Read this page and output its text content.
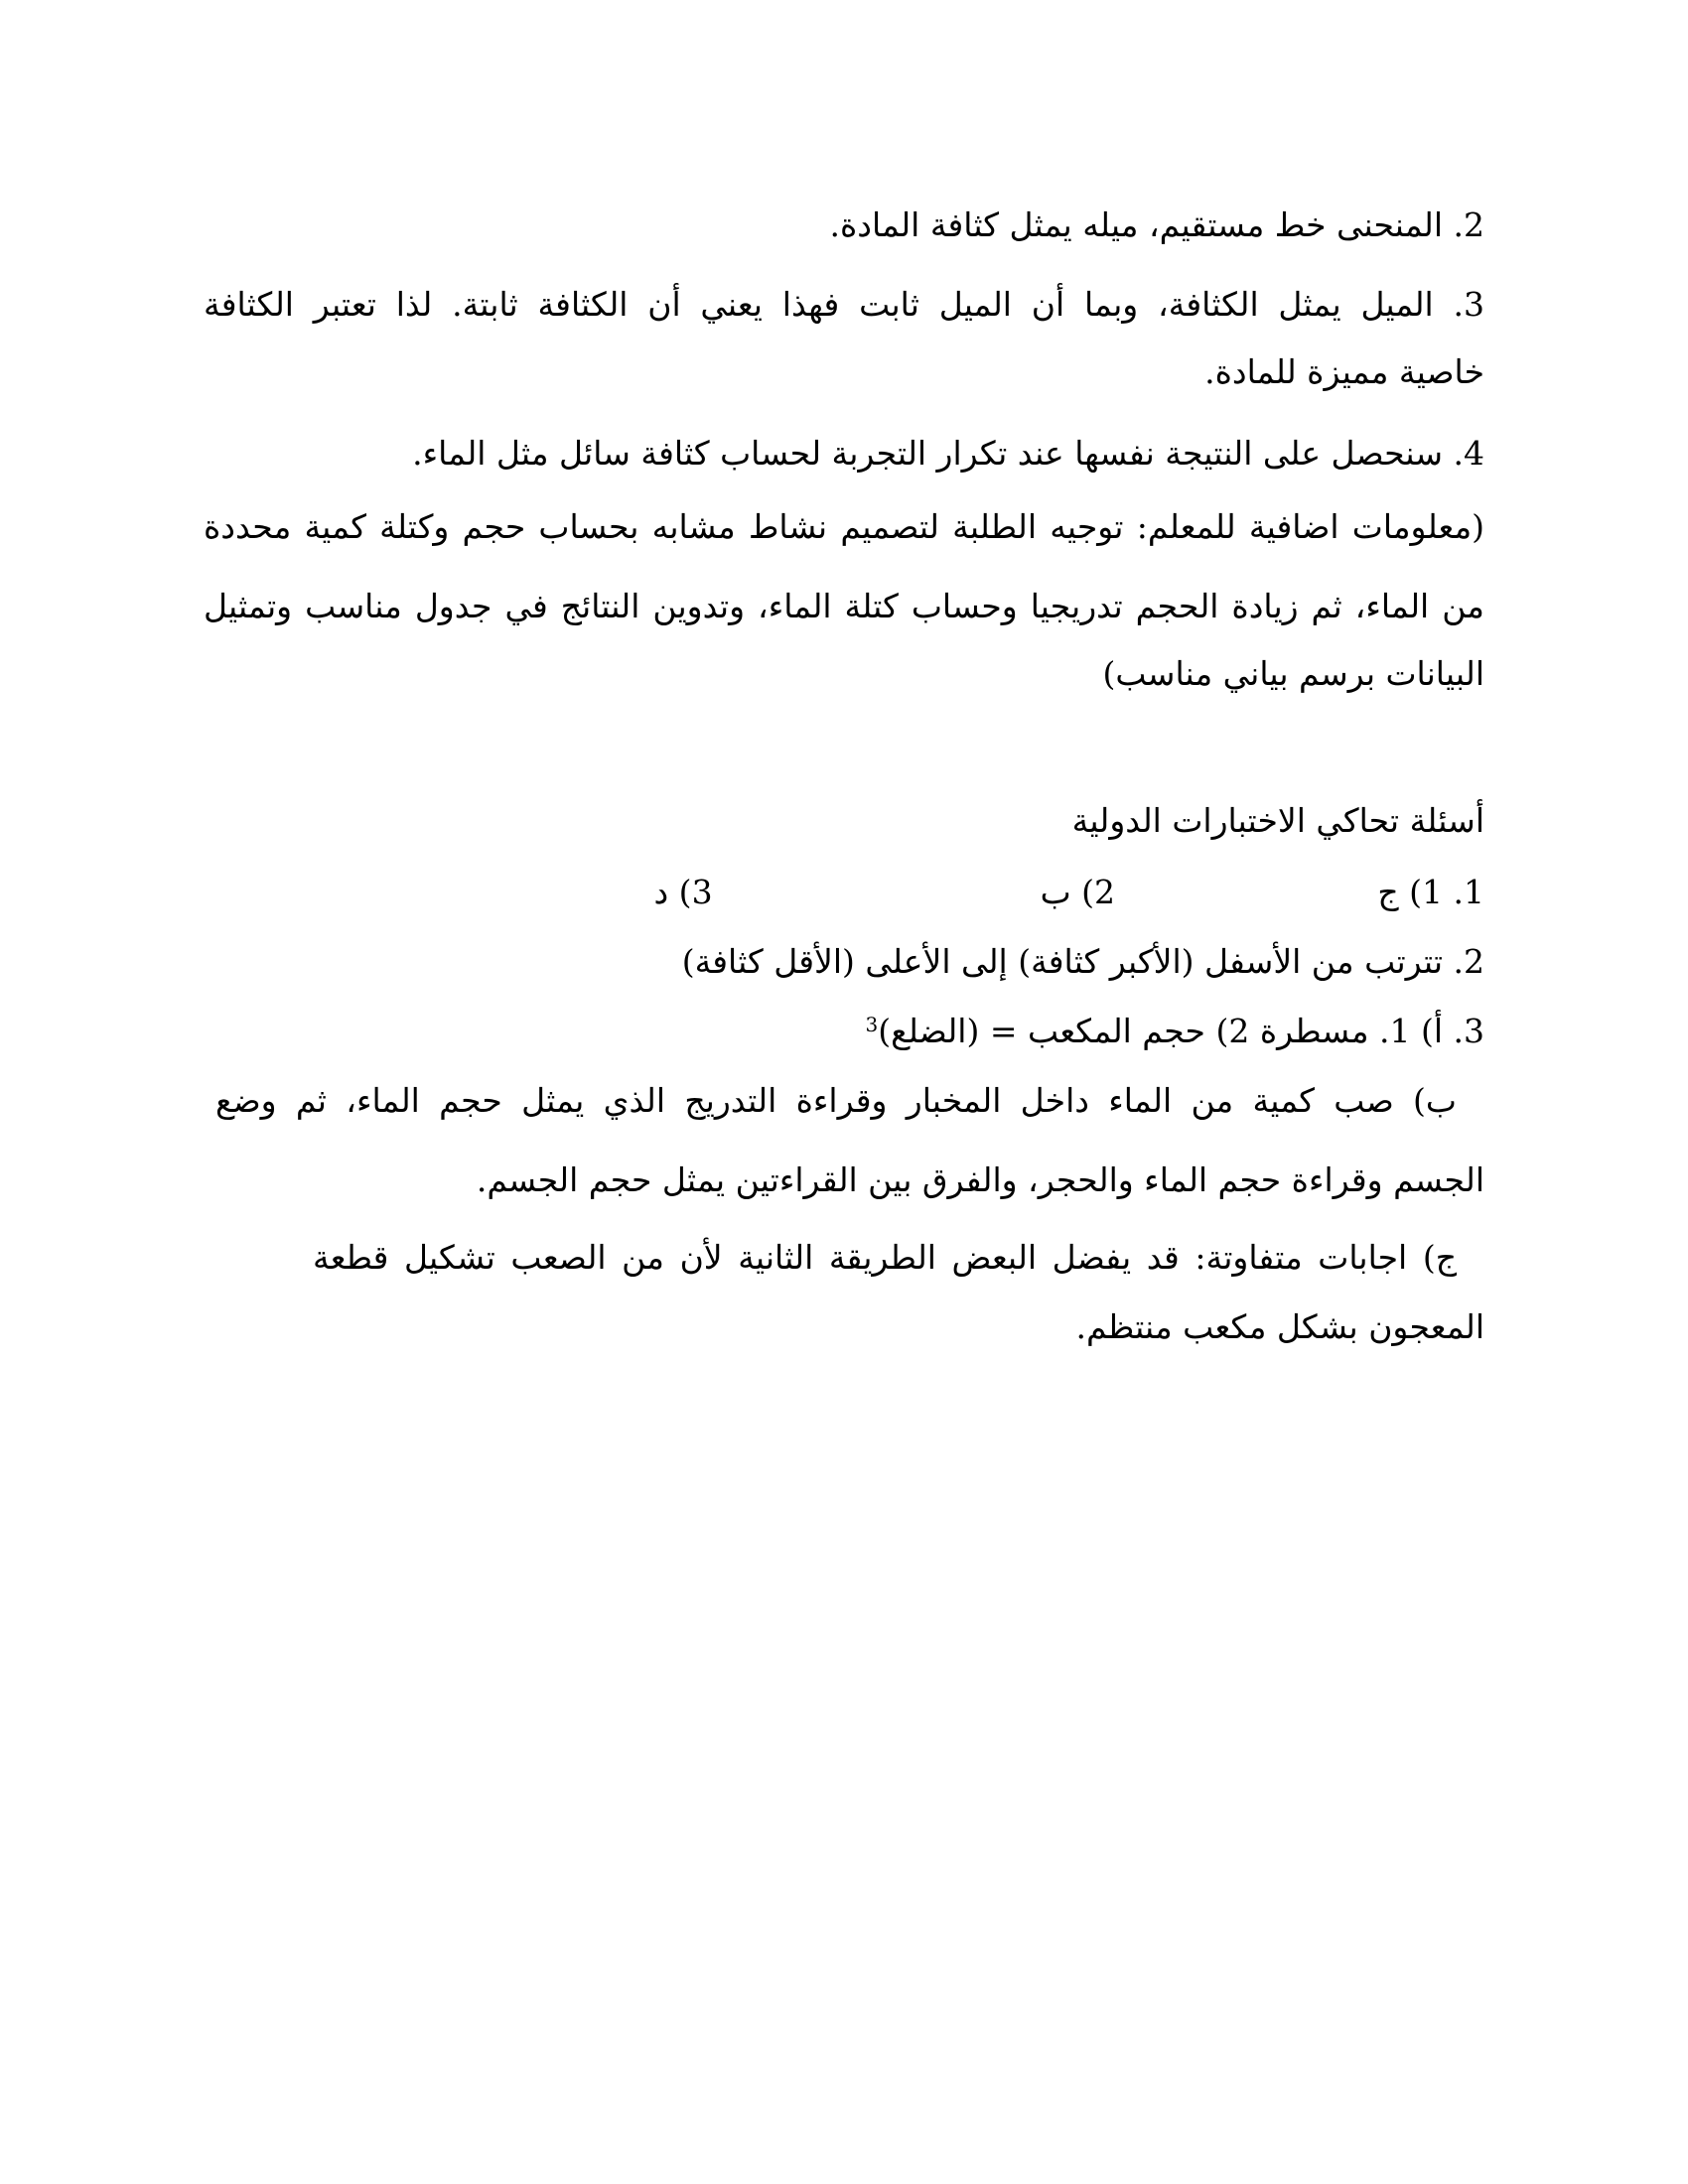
2. المنحنى خط مستقيم، ميله يمثل كثافة المادة.
3. الميل يمثل الكثافة، وبما أن الميل ثابت فهذا يعني أن الكثافة ثابتة. لذا تعتبر الكثافة
خاصية مميزة للمادة.
4. سنحصل على النتيجة نفسها عند تكرار التجربة لحساب كثافة سائل مثل الماء.
(معلومات اضافية للمعلم: توجيه الطلبة لتصميم نشاط مشابه بحساب حجم وكتلة كمية محددة
من الماء، ثم زيادة الحجم تدريجيا وحساب كتلة الماء، وتدوين النتائج في جدول مناسب وتمثيل
البيانات برسم بياني مناسب)
أسئلة تحاكي الاختبارات الدولية
1. 1) ج
2) ب
3) د
2. تترتب من الأسفل (الأكبر كثافة) إلى الأعلى (الأقل كثافة)
3. أ) 1. مسطرة 2) حجم المكعب = (الضلع)$^3$
ب) صب كمية من الماء داخل المخبار وقراءة التدريج الذي يمثل حجم الماء، ثم وضع
الجسم وقراءة حجم الماء والحجر، والفرق بين القراءتين يمثل حجم الجسم.
ج) اجابات متفاوتة: قد يفضل البعض الطريقة الثانية لأن من الصعب تشكيل قطعة
المعجون بشكل مكعب منتظم.
